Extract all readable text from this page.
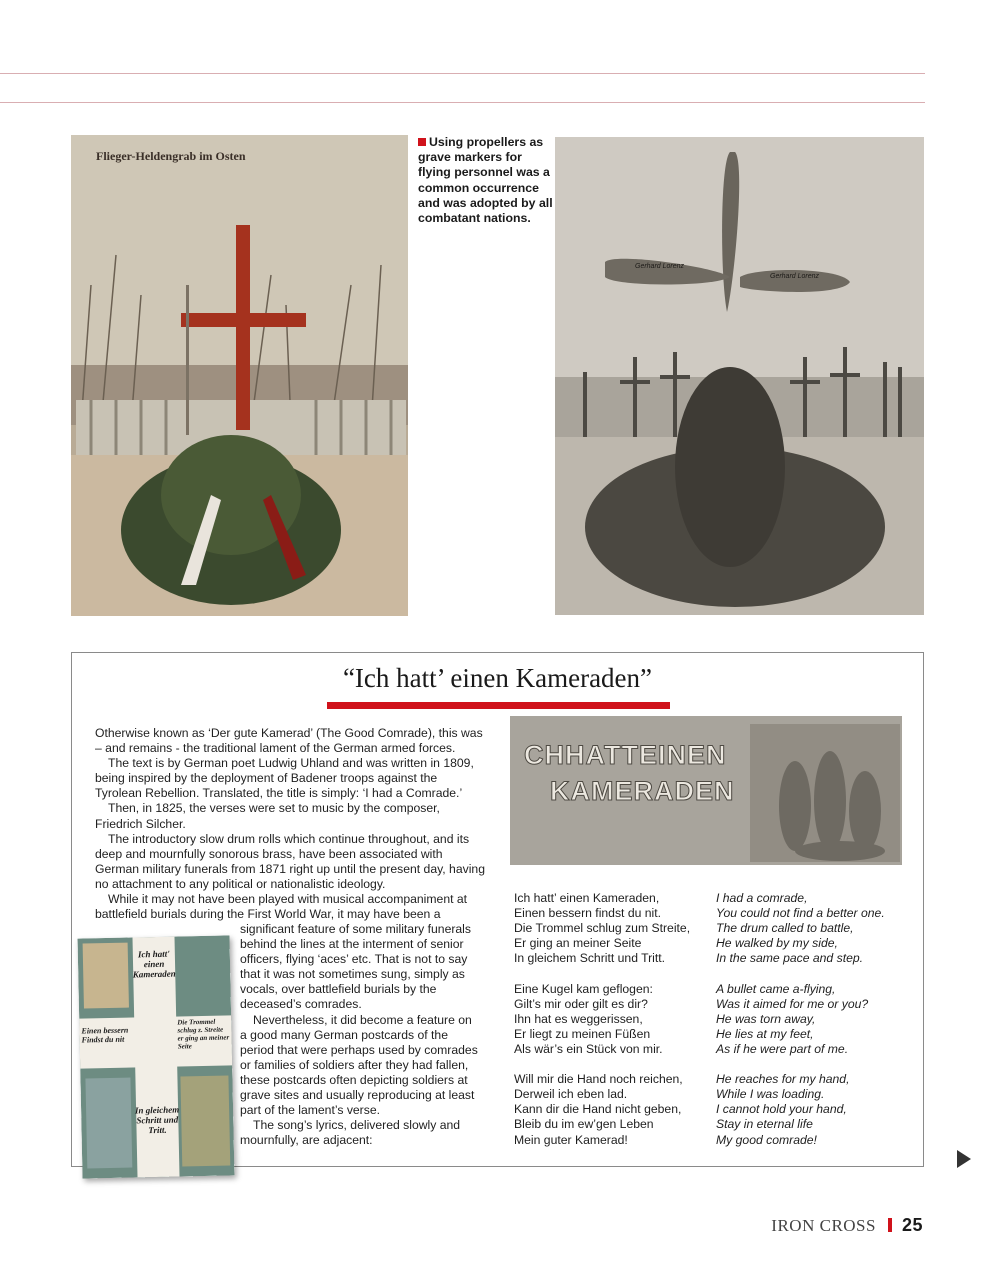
Flieger-Heldengrab im Osten
Using propellers as grave markers for flying personnel was a common occurrence and was adopted by all combatant nations.
Gerhard Lorenz
Gerhard Lorenz
“Ich hatt’ einen Kameraden”
CHHATTEINEN
KAMERADEN

Otherwise known as ‘Der gute Kamerad’ (The Good Comrade), this was – and remains - the traditional lament of the German armed forces.

The text is by German poet Ludwig Uhland and was written in 1809, being inspired by the deployment of Badener troops against the Tyrolean Rebellion. Translated, the title is simply: ‘I had a Comrade.’

Then, in 1825, the verses were set to music by the composer, Friedrich Silcher.

The introductory slow drum rolls which continue throughout, and its deep and mournfully sonorous brass, have been associated with German military funerals from 1871 right up until the present day, having no attachment to any political or nationalistic ideology.

While it may not have been played with musical accompaniment at battlefield burials during the First World War, it may have been a

significant feature of some military funerals behind the lines at the interment of senior officers, flying ‘aces’ etc. That is not to say that it was not sometimes sung, simply as vocals, over battlefield burials by the deceased’s comrades.

Nevertheless, it did become a feature on a good many German postcards of the period that were perhaps used by comrades or families of soldiers after they had fallen, these postcards often depicting soldiers at grave sites and usually reproducing at least part of the lament’s verse.

The song’s lyrics, delivered slowly and mournfully, are adjacent:

Ich hatt' einen Kameraden
Einen bessern Findst du nit
Die Trommel schlug z. Streite er ging an meiner Seite
In gleichem Schritt und Tritt.

Ich hatt’ einen Kameraden,
Einen bessern findst du nit.
Die Trommel schlug zum Streite,
Er ging an meiner Seite
In gleichem Schritt und Tritt.

Eine Kugel kam geflogen:
Gilt’s mir oder gilt es dir?
Ihn hat es weggerissen,
Er liegt zu meinen Füßen
Als wär’s ein Stück von mir.

Will mir die Hand noch reichen,
Derweil ich eben lad.
Kann dir die Hand nicht geben,
Bleib du im ew’gen Leben
Mein guter Kamerad!

I had a comrade,
You could not find a better one.
The drum called to battle,
He walked by my side,
In the same pace and step.

A bullet came a-flying,
Was it aimed for me or you?
He was torn away,
He lies at my feet,
As if he were part of me.

He reaches for my hand,
While I was loading.
I cannot hold your hand,
Stay in eternal life
My good comrade!

IRON CROSS 25
